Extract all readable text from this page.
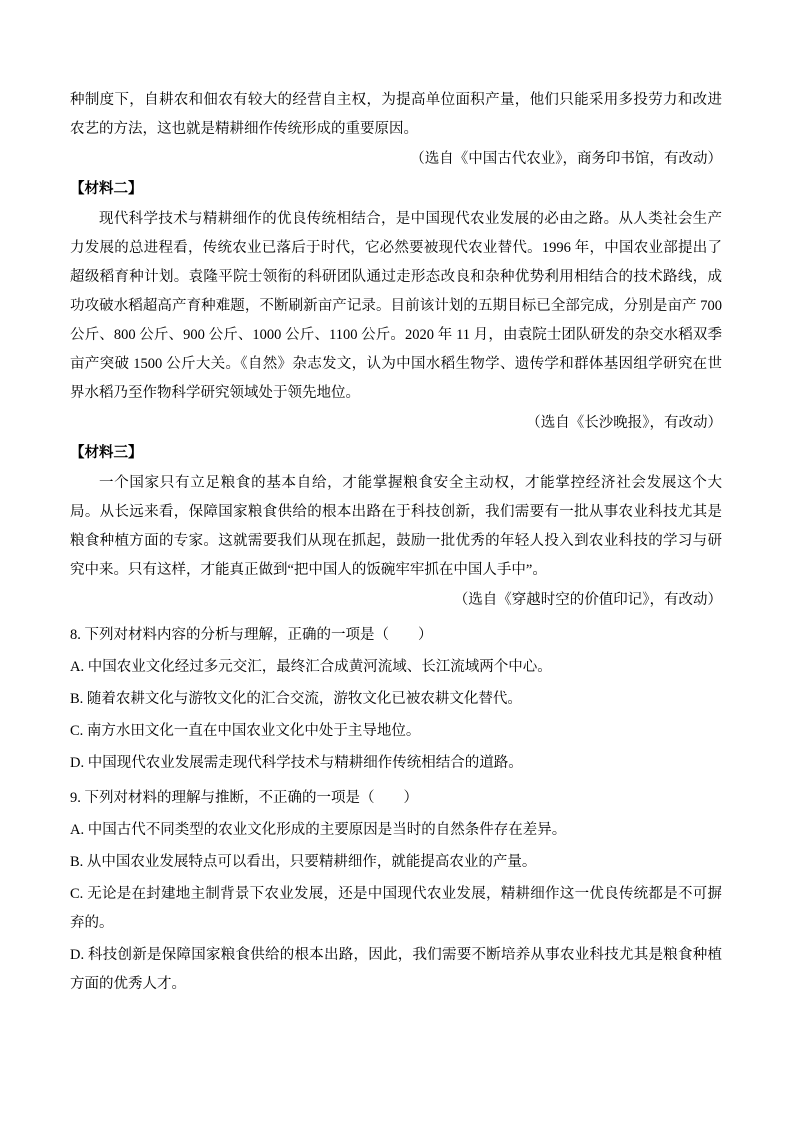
种制度下，自耕农和佃农有较大的经营自主权，为提高单位面积产量，他们只能采用多投劳力和改进农艺的方法，这也就是精耕细作传统形成的重要原因。

（选自《中国古代农业》，商务印书馆，有改动）

【材料二】

现代科学技术与精耕细作的优良传统相结合，是中国现代农业发展的必由之路。从人类社会生产力发展的总进程看，传统农业已落后于时代，它必然要被现代农业替代。1996 年，中国农业部提出了超级稻育种计划。袁隆平院士领衔的科研团队通过走形态改良和杂种优势利用相结合的技术路线，成功攻破水稻超高产育种难题，不断刷新亩产记录。目前该计划的五期目标已全部完成，分别是亩产 700 公斤、800 公斤、900 公斤、1000 公斤、1100 公斤。2020 年 11 月，由袁院士团队研发的杂交水稻双季亩产突破 1500 公斤大关。《自然》杂志发文，认为中国水稻生物学、遗传学和群体基因组学研究在世界水稻乃至作物科学研究领域处于领先地位。

（选自《长沙晚报》，有改动）

【材料三】

一个国家只有立足粮食的基本自给，才能掌握粮食安全主动权，才能掌控经济社会发展这个大局。从长远来看，保障国家粮食供给的根本出路在于科技创新，我们需要有一批从事农业科技尤其是粮食种植方面的专家。这就需要我们从现在抓起，鼓励一批优秀的年轻人投入到农业科技的学习与研究中来。只有这样，才能真正做到“把中国人的饭碗牢牢抓在中国人手中”。

（选自《穿越时空的价值印记》，有改动）

8. 下列对材料内容的分析与理解，正确的一项是（　　）

A. 中国农业文化经过多元交汇，最终汇合成黄河流域、长江流域两个中心。

B. 随着农耕文化与游牧文化的汇合交流，游牧文化已被农耕文化替代。

C. 南方水田文化一直在中国农业文化中处于主导地位。

D. 中国现代农业发展需走现代科学技术与精耕细作传统相结合的道路。

9. 下列对材料的理解与推断，不正确的一项是（　　）

A. 中国古代不同类型的农业文化形成的主要原因是当时的自然条件存在差异。

B. 从中国农业发展特点可以看出，只要精耕细作，就能提高农业的产量。

C. 无论是在封建地主制背景下农业发展，还是中国现代农业发展，精耕细作这一优良传统都是不可摒弃的。

D. 科技创新是保障国家粮食供给的根本出路，因此，我们需要不断培养从事农业科技尤其是粮食种植方面的优秀人才。
